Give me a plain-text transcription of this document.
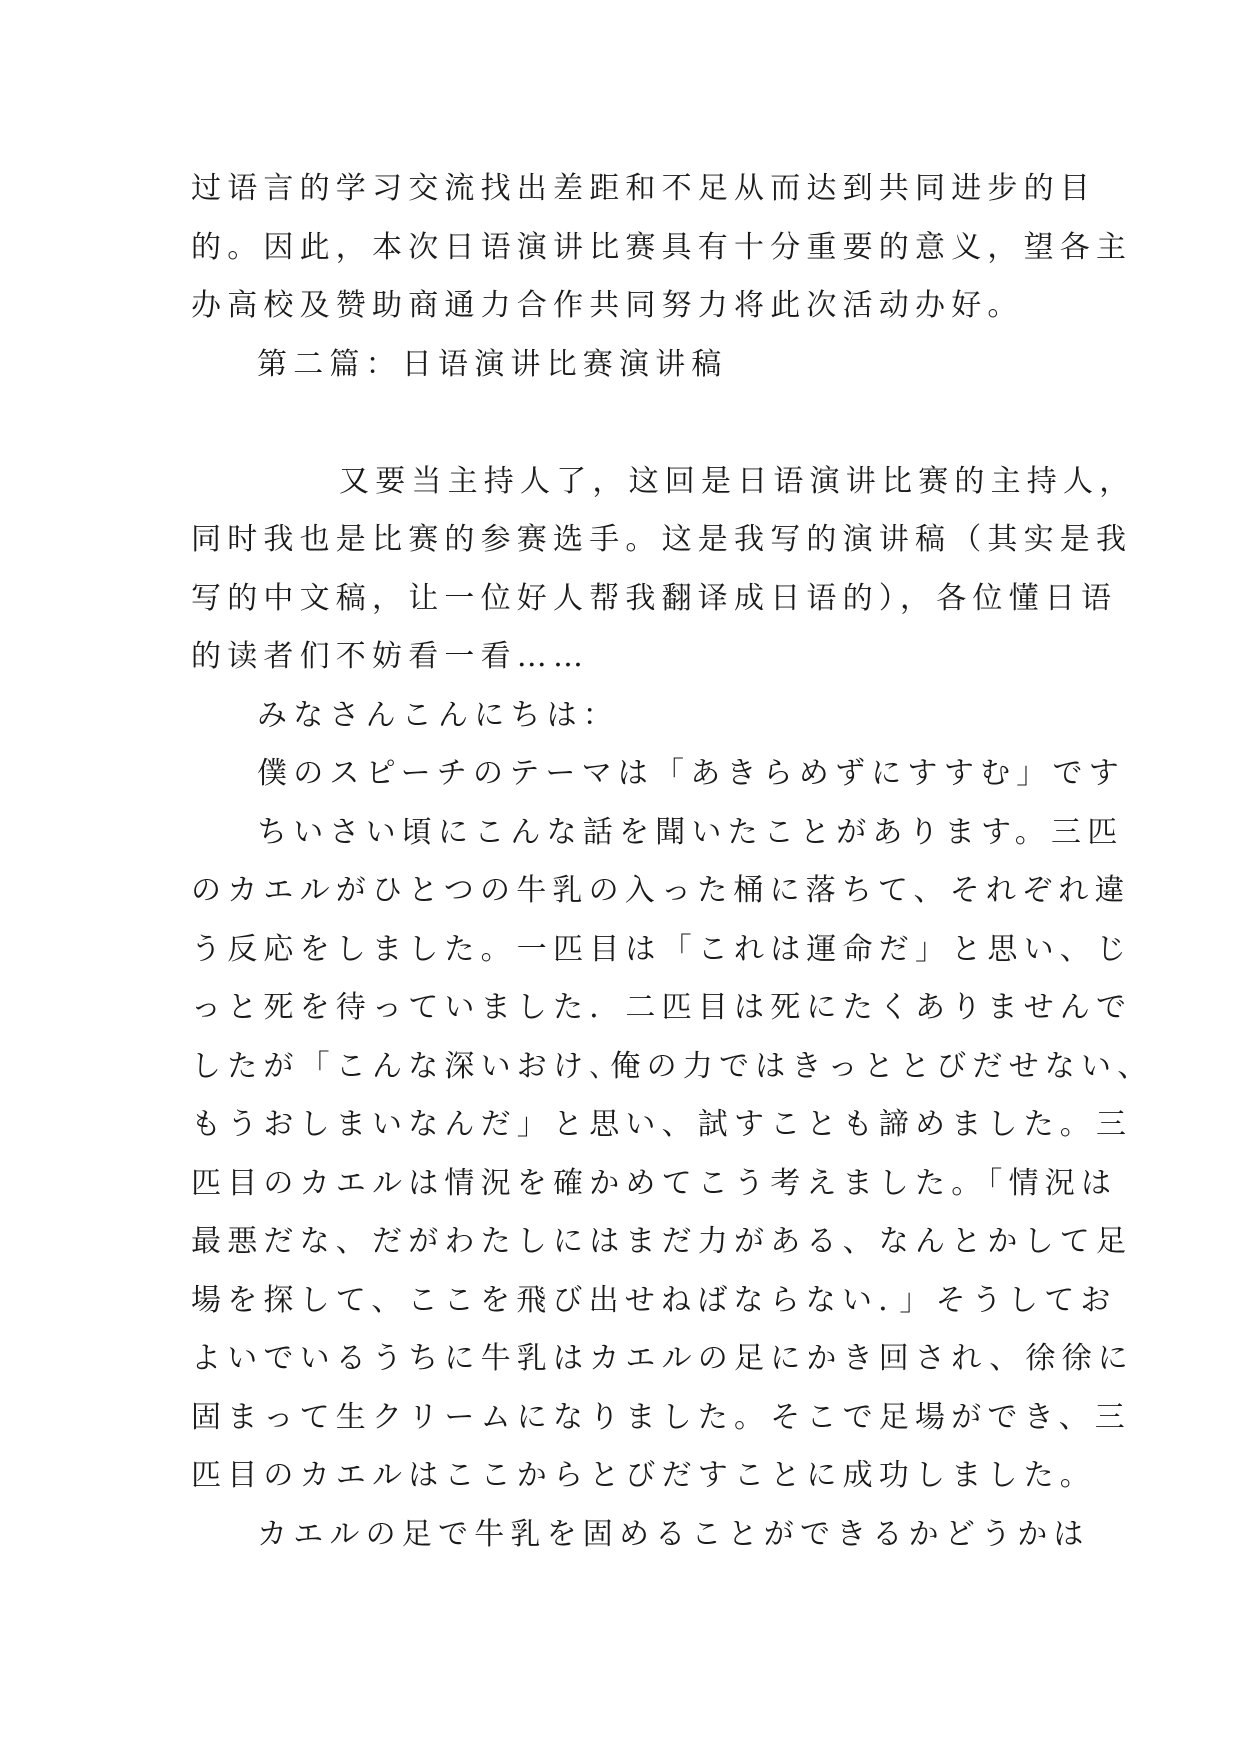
过语言的学习交流找出差距和不足从而达到共同进步的目
的。因此，本次日语演讲比赛具有十分重要的意义，望各主
办高校及赞助商通力合作共同努力将此次活动办好。
第二篇：日语演讲比赛演讲稿
又要当主持人了，这回是日语演讲比赛的主持人，
同时我也是比赛的参赛选手。这是我写的演讲稿（其实是我
写的中文稿，让一位好人帮我翻译成日语的），各位懂日语
的读者们不妨看一看……
みなさんこんにちは：
僕のスピーチのテーマは「あきらめずにすすむ」です
ちいさい頃にこんな話を聞いたことがあります。三匹
のカエルがひとつの牛乳の入った桶に落ちて、それぞれ違
う反応をしました。一匹目は「これは運命だ」と思い、じ
っと死を待っていました．二匹目は死にたくありませんで
したが「こんな深いおけ､俺の力ではきっととびだせない、
もうおしまいなんだ」と思い、試すことも諦めました。三
匹目のカエルは情況を確かめてこう考えました。「情況は
最悪だな、だがわたしにはまだ力がある、なんとかして足
場を探して、ここを飛び出せねばならない．」そうしてお
よいでいるうちに牛乳はカエルの足にかき回され、徐徐に
固まって生クリームになりました。そこで足場ができ、三
匹目のカエルはここからとびだすことに成功しました。
カエルの足で牛乳を固めることができるかどうかは
